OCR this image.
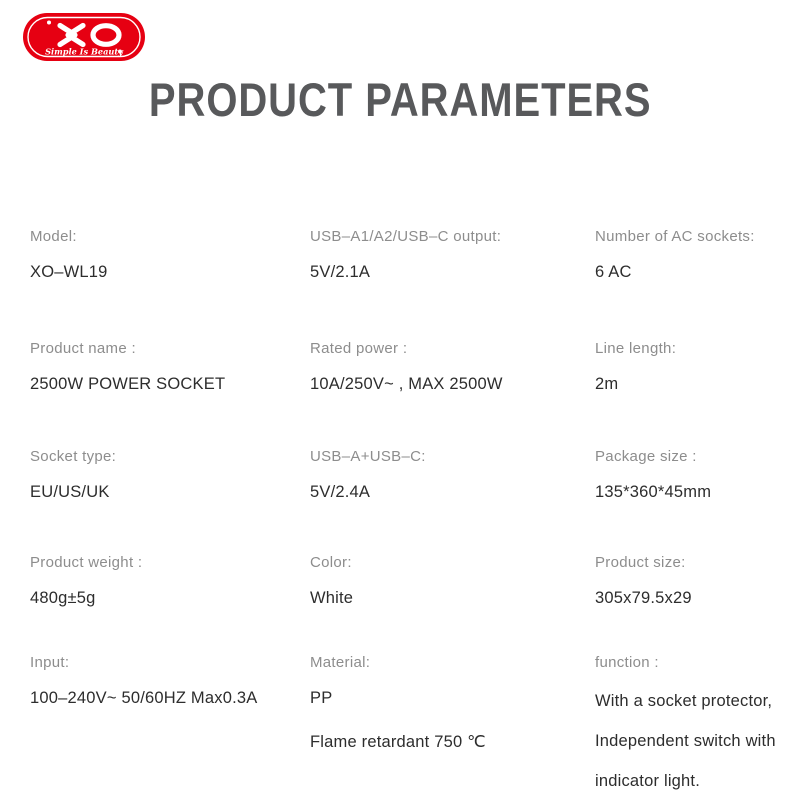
Simple Is Beauty
PRODUCT PARAMETERS
Model:
XO–WL19
USB–A1/A2/USB–C output:
5V/2.1A
Number of AC sockets:
6 AC
Product name :
2500W POWER SOCKET
Rated power :
10A/250V~ , MAX 2500W
Line length:
2m
Socket type:
EU/US/UK
USB–A+USB–C:
5V/2.4A
Package size :
135*360*45mm
Product weight :
480g±5g
Color:
White
Product size:
305x79.5x29
Input:
100–240V~ 50/60HZ Max0.3A
Material:
PP
Flame retardant 750 ℃
function :
With a socket protector,
Independent switch with
indicator light.
